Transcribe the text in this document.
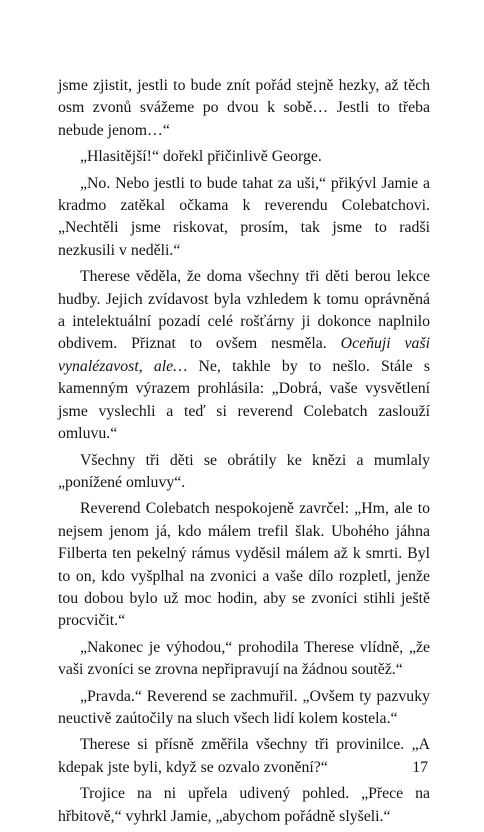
jsme zjistit, jestli to bude znít pořád stejně hezky, až těch osm zvonů svážeme po dvou k sobě… Jestli to třeba nebude jenom…“

„Hlasitější!“ dořekl přičinlivě George.

„No. Nebo jestli to bude tahat za uši,“ přikývl Jamie a kradmo zatěkal očkama k reverendu Colebatchovi. „Nechtěli jsme riskovat, prosím, tak jsme to radši nezkusili v neděli.“

Therese věděla, že doma všechny tři děti berou lekce hudby. Jejich zvídavost byla vzhledem k tomu oprávněná a intelektuální pozadí celé rošťárny ji dokonce naplnilo obdivem. Přiznat to ovšem nesměla. Oceňuji vaši vynalézavost, ale… Ne, takhle by to nešlo. Stále s kamenným výrazem prohlásila: „Dobrá, vaše vysvětlení jsme vyslechli a teď si reverend Colebatch zaslouží omluvu.“

Všechny tři děti se obrátily ke knězi a mumlaly „ponížené omluvy“.

Reverend Colebatch nespokojeně zavrčel: „Hm, ale to nejsem jenom já, kdo málem trefil šlak. Ubohého jáhna Filberta ten pekelný rámus vyděsil málem až k smrti. Byl to on, kdo vyšplhal na zvonici a vaše dílo rozpletl, jenže tou dobou bylo už moc hodin, aby se zvoníci stihli ještě procvičit.“

„Nakonec je výhodou,“ prohodila Therese vlídně, „že vaši zvoníci se zrovna nepřipravují na žádnou soutěž.“

„Pravda.“ Reverend se zachmuřil. „Ovšem ty pazvuky neuctivě zaútočily na sluch všech lidí kolem kostela.“

Therese si přísně změřila všechny tři provinilce. „A kdepak jste byli, když se ozvalo zvonění?“

Trojice na ni upřela udivený pohled. „Přece na hřbitově,“ vyhrkl Jamie, „abychom pořádně slyšeli.“

17
